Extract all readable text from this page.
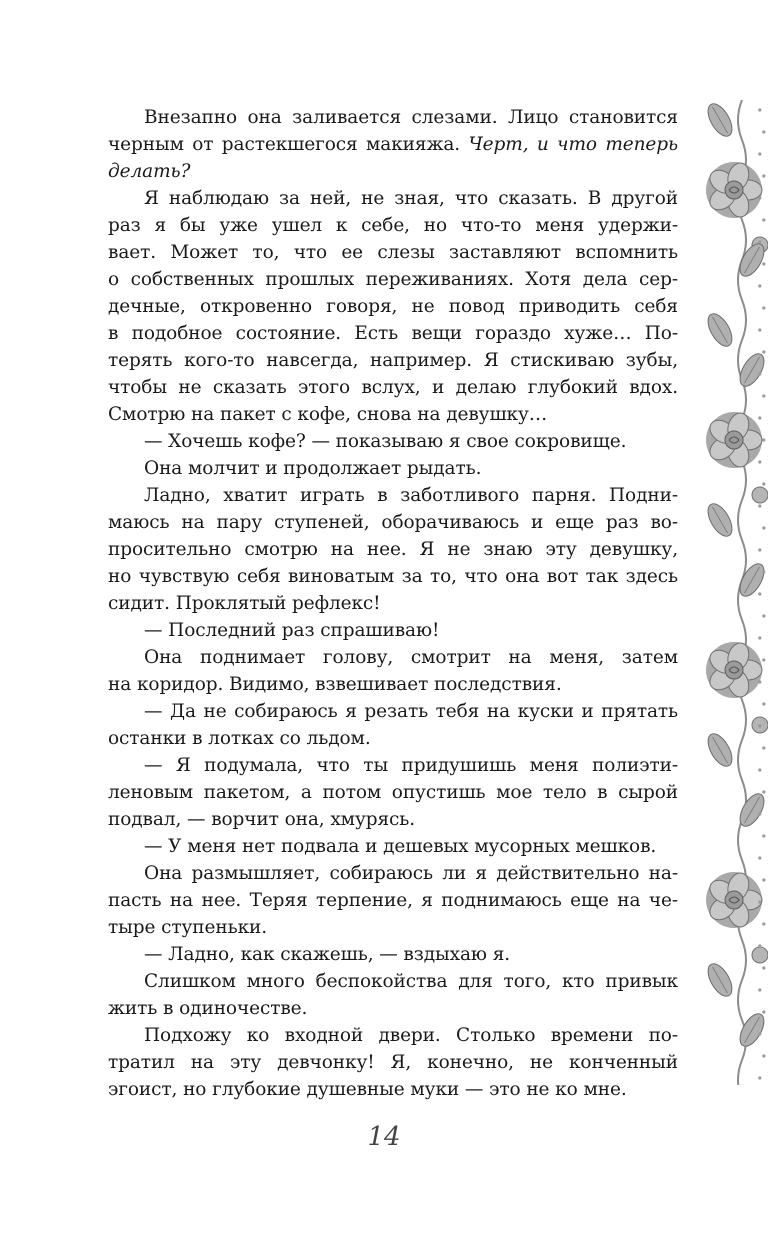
Внезапно она заливается слезами. Лицо становится
черным от растекшегося макияжа. Черт, и что теперь
делать?
Я наблюдаю за ней, не зная, что сказать. В другой
раз я бы уже ушел к себе, но что-то меня удержи-
вает. Может то, что ее слезы заставляют вспомнить
о собственных прошлых переживаниях. Хотя дела сер-
дечные, откровенно говоря, не повод приводить себя
в подобное состояние. Есть вещи гораздо хуже… По-
терять кого-то навсегда, например. Я стискиваю зубы,
чтобы не сказать этого вслух, и делаю глубокий вдох.
Смотрю на пакет с кофе, снова на девушку…
— Хочешь кофе? — показываю я свое сокровище.
Она молчит и продолжает рыдать.
Ладно, хватит играть в заботливого парня. Подни-
маюсь на пару ступеней, оборачиваюсь и еще раз во-
просительно смотрю на нее. Я не знаю эту девушку,
но чувствую себя виноватым за то, что она вот так здесь
сидит. Проклятый рефлекс!
— Последний раз спрашиваю!
Она поднимает голову, смотрит на меня, затем
на коридор. Видимо, взвешивает последствия.
— Да не собираюсь я резать тебя на куски и прятать
останки в лотках со льдом.
— Я подумала, что ты придушишь меня полиэти-
леновым пакетом, а потом опустишь мое тело в сырой
подвал, — ворчит она, хмурясь.
— У меня нет подвала и дешевых мусорных мешков.
Она размышляет, собираюсь ли я действительно на-
пасть на нее. Теряя терпение, я поднимаюсь еще на че-
тыре ступеньки.
— Ладно, как скажешь, — вздыхаю я.
Слишком много беспокойства для того, кто привык
жить в одиночестве.
Подхожу ко входной двери. Столько времени по-
тратил на эту девчонку! Я, конечно, не конченный
эгоист, но глубокие душевные муки — это не ко мне.
14
